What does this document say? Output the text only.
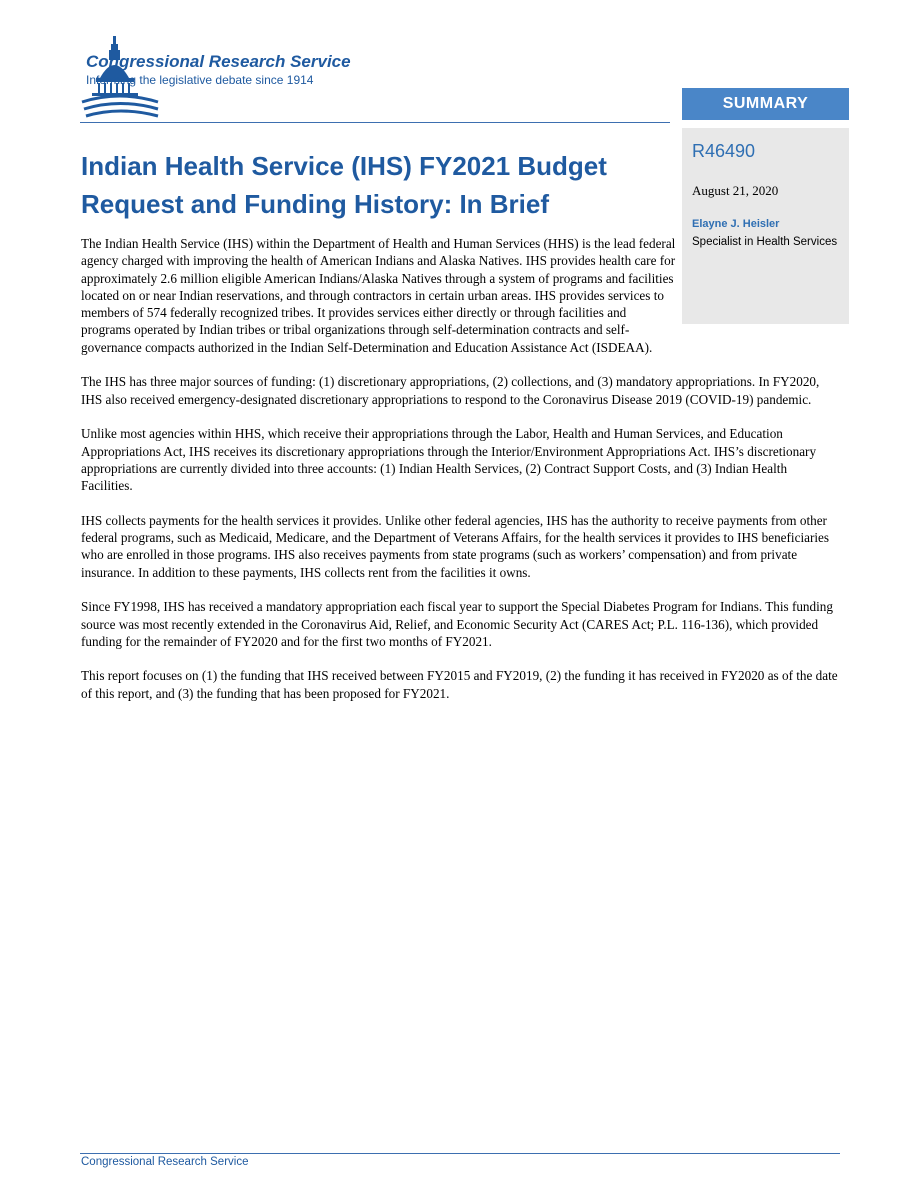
Congressional Research Service
Informing the legislative debate since 1914
SUMMARY
R46490
August 21, 2020
Elayne J. Heisler
Specialist in Health Services
Indian Health Service (IHS) FY2021 Budget Request and Funding History: In Brief

The Indian Health Service (IHS) within the Department of Health and Human Services (HHS) is the lead federal agency charged with improving the health of American Indians and Alaska Natives. IHS provides health care for approximately 2.6 million eligible American Indians/Alaska Natives through a system of programs and facilities located on or near Indian reservations, and through contractors in certain urban areas. IHS provides services to members of 574 federally recognized tribes. It provides services either directly or through facilities and programs operated by Indian tribes or tribal organizations through self-determination contracts and self-governance compacts authorized in the Indian Self-Determination and Education Assistance Act (ISDEAA).

The IHS has three major sources of funding: (1) discretionary appropriations, (2) collections, and (3) mandatory appropriations. In FY2020, IHS also received emergency-designated discretionary appropriations to respond to the Coronavirus Disease 2019 (COVID-19) pandemic.

Unlike most agencies within HHS, which receive their appropriations through the Labor, Health and Human Services, and Education Appropriations Act, IHS receives its discretionary appropriations through the Interior/Environment Appropriations Act. IHS’s discretionary appropriations are currently divided into three accounts: (1) Indian Health Services, (2) Contract Support Costs, and (3) Indian Health Facilities.

IHS collects payments for the health services it provides. Unlike other federal agencies, IHS has the authority to receive payments from other federal programs, such as Medicaid, Medicare, and the Department of Veterans Affairs, for the health services it provides to IHS beneficiaries who are enrolled in those programs. IHS also receives payments from state programs (such as workers’ compensation) and from private insurance. In addition to these payments, IHS collects rent from the facilities it owns.

Since FY1998, IHS has received a mandatory appropriation each fiscal year to support the Special Diabetes Program for Indians. This funding source was most recently extended in the Coronavirus Aid, Relief, and Economic Security Act (CARES Act; P.L. 116-136), which provided funding for the remainder of FY2020 and for the first two months of FY2021.

This report focuses on (1) the funding that IHS received between FY2015 and FY2019, (2) the funding it has received in FY2020 as of the date of this report, and (3) the funding that has been proposed for FY2021.

Congressional Research Service
